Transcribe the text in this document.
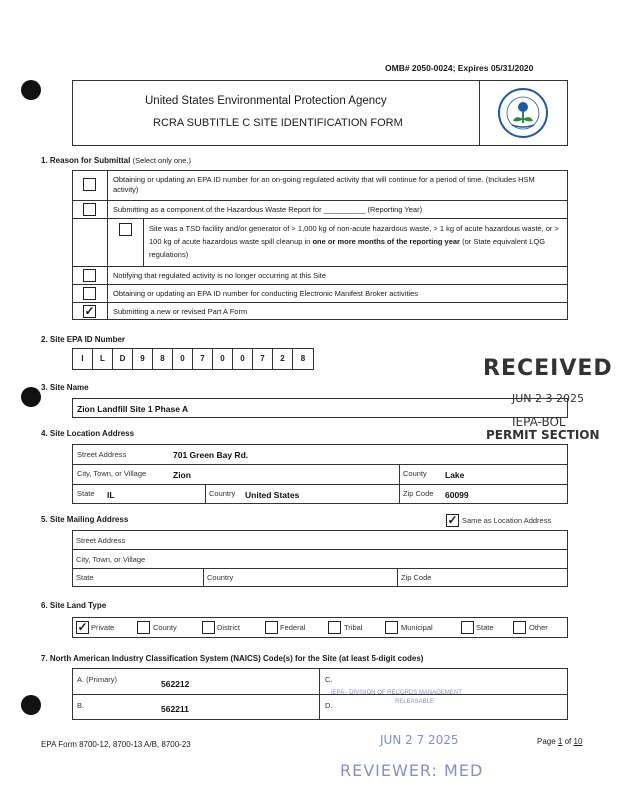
OMB# 2050-0024; Expires 05/31/2020
United States Environmental Protection Agency
RCRA SUBTITLE C SITE IDENTIFICATION FORM
1. Reason for Submittal (Select only one.)
Obtaining or updating an EPA ID number for an on-going regulated activity that will continue for a period of time. (Includes HSM activity)
Submitting as a component of the Hazardous Waste Report for __________ (Reporting Year)
Site was a TSD facility and/or generator of > 1,000 kg of non-acute hazardous waste, > 1 kg of acute hazardous waste, or > 100 kg of acute hazardous waste spill cleanup in one or more months of the reporting year (or State equivalent LQG regulations)
Notifying that regulated activity is no longer occurring at this Site
Obtaining or updating an EPA ID number for conducting Electronic Manifest Broker activities
✓ Submitting a new or revised Part A Form
2. Site EPA ID Number
I	L	D	9	8	0	7	0	0	7	2	8	RECEIVED
JUN 2 3 2025
IEPA-BOL
PERMIT SECTION
3. Site Name
Zion Landfill Site 1 Phase A
4. Site Location Address
Street Address	701 Green Bay Rd.
City, Town, or Village	Zion	County Lake
State IL	Country United States	Zip Code 60099
5. Site Mailing Address	✓ Same as Location Address
Street Address
City, Town, or Village
State	Country	Zip Code
6. Site Land Type
✓ Private	County	District	Federal	Tribal	Municipal	State	Other
7. North American Industry Classification System (NAICS) Code(s) for the Site (at least 5-digit codes)
A. (Primary)	562212	C.
B.	562211	D.
IEPA - DIVISION OF RECORDS MANAGEMENT
RELEASABLE
EPA Form 8700-12, 8700-13 A/B, 8700-23	JUN 2 7 2025	Page 1 of 10
REVIEWER: MED
